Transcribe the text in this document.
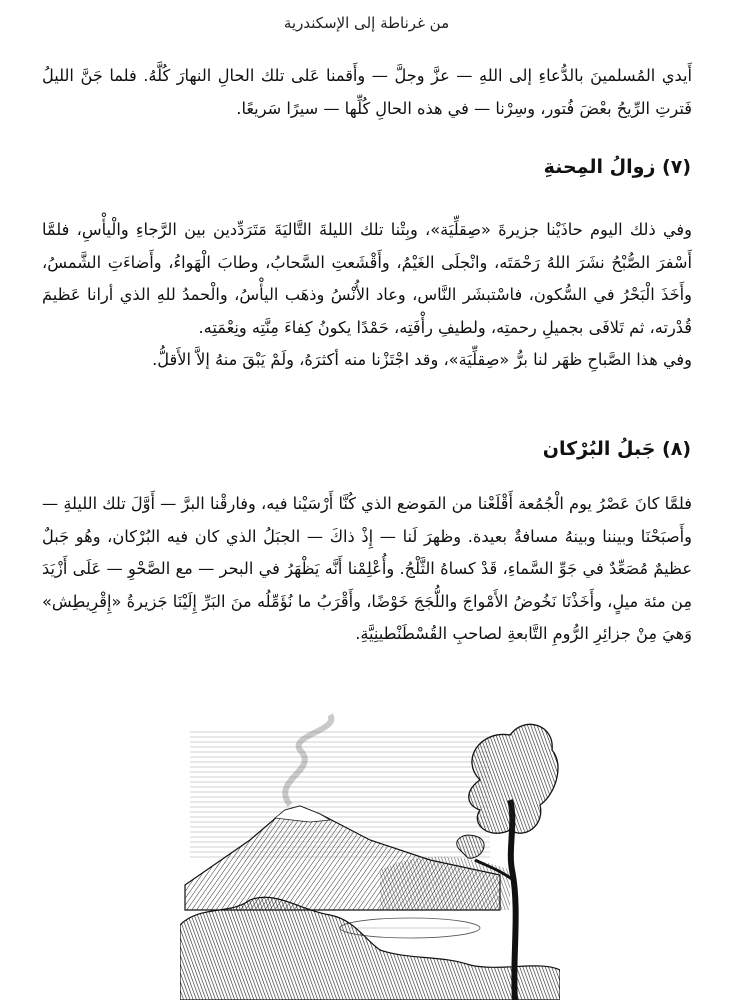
من غرناطة إلى الإسكندرية

أَيدي المُسلمينَ بالدُّعاءِ إلى اللهِ — عزَّ وجلَّ — وأَقمنا عَلى تلك الحالِ النهارَ كُلَّهُ. فلما جَنَّ الليلُ فَترتِ الرِّيحُ بعْضَ فُتور، وسِرْنا — في هذه الحالِ كُلِّها — سيرًا سَريعًا.

(٧) زوالُ المِحنةِ

وفي ذلك اليوم حاذَيْنا جزيرةَ «صِقلِّيَة»، وبِتْنا تلك الليلةَ التَّاليَةَ مَتَرَدِّدين بين الرَّجاءِ والْيأْسِ، فلمَّا أَسْفرَ الصُّبْحُ نشَرَ اللهُ رَحْمَتَه، وانْجلَى الغَيْمُ، وأَقْشَعتِ السَّحابُ، وطابَ الْهَواءُ، وأَضاءَتِ الشَّمسُ، وأَخَذَ الْبَحْرُ في السُّكون، فاسْتبشَر النَّاس، وعاد الأُنْسُ وذهَب اليأْسُ، والْحمدُ للهِ الذي أرانا عَظيمَ قُدْرته، ثم تَلافَى بجميلِ رحمتِه، ولطيفِ رأْفَتِه، حَمْدًا يكونُ كِفاءَ مِنَّتِه ونِعْمَتِه.

وفي هذا الصَّباحِ ظهَر لنا برُّ «صِقلِّيَة»، وقد اجْتَزْنا منه أكثرَهُ، ولَمْ يَبْقَ منهُ إلاَّ الأَقلُّ.

(٨) جَبلُ البُرْكان

فلمَّا كانَ عَصْرُ يوم الْجُمُعة أَقْلَعْنا من المَوضع الذي كُنَّا أَرْسَيْنا فيه، وفارقْنا البرَّ — أَوَّلَ تلك الليلةِ — وأَصبَحْنَا وبيننا وبينهُ مسافةٌ بعيدة. وظهرَ لَنا — إِذْ ذاكَ — الجبَلُ الذي كان فيه البُرْكان، وهُو جَبلٌ عظيمٌ مُصَعِّدٌ في جَوِّ السَّماءِ، قَدْ كساهُ الثَّلْجُ. وأُعْلِمْنا أَنَّه يَظْهَرُ في البحر — مع الصَّحْوِ — عَلَى أَزْيَدَ مِن مئة ميلٍ، وأَخَذْنَا نَخُوضُ الأَمْواجَ واللُّجَجَ خَوْضًا، وأَقْرَبُ ما نُؤَمِّلُه منَ البَرِّ إِلَيْنَا جَزيرةُ «إِقْرِيطِش» وَهيَ مِنْ جزائِرِ الرُّومِ التَّابعةِ لصاحبِ القُسْطَنْطينِيَّةِ.
